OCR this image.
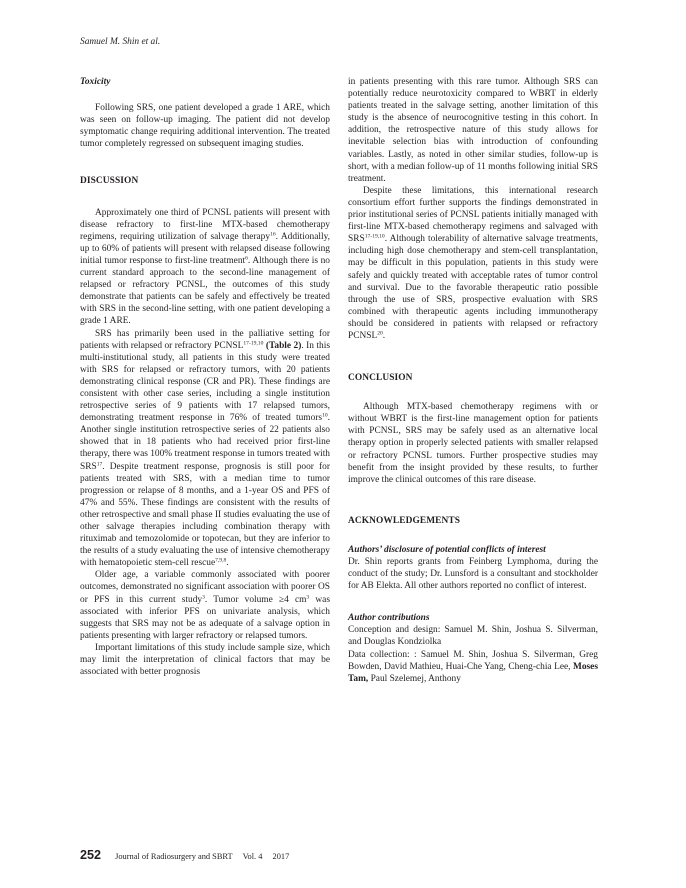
Samuel M. Shin et al.

Toxicity

Following SRS, one patient developed a grade 1 ARE, which was seen on follow-up imaging. The patient did not develop symptomatic change requiring additional intervention. The treated tumor completely regressed on subsequent imaging studies.

DISCUSSION

Approximately one third of PCNSL patients will present with disease refractory to first-line MTX-based chemotherapy regimens, requiring utilization of salvage therapy$^{16}$. Additionally, up to 60% of patients will present with relapsed disease following initial tumor response to first-line treatment$^6$. Although there is no current standard approach to the second-line management of relapsed or refractory PCNSL, the outcomes of this study demonstrate that patients can be safely and effectively be treated with SRS in the second-line setting, with one patient developing a grade 1 ARE.

SRS has primarily been used in the palliative setting for patients with relapsed or refractory PCNSL$^{17-19,10}$ (Table 2). In this multi-institutional study, all patients in this study were treated with SRS for relapsed or refractory tumors, with 20 patients demonstrating clinical response (CR and PR). These findings are consistent with other case series, including a single institution retrospective series of 9 patients with 17 relapsed tumors, demonstrating treatment response in 76% of treated tumors$^{10}$. Another single institution retrospective series of 22 patients also showed that in 18 patients who had received prior first-line therapy, there was 100% treatment response in tumors treated with SRS$^{17}$. Despite treatment response, prognosis is still poor for patients treated with SRS, with a median time to tumor progression or relapse of 8 months, and a 1-year OS and PFS of 47% and 55%. These findings are consistent with the results of other retrospective and small phase II studies evaluating the use of other salvage therapies including combination therapy with rituximab and temozolomide or topotecan, but they are inferior to the results of a study evaluating the use of intensive chemotherapy with hematopoietic stem-cell rescue$^{7,9,8}$.

Older age, a variable commonly associated with poorer outcomes, demonstrated no significant association with poorer OS or PFS in this current study$^3$. Tumor volume ≥4 $cm^3$ was associated with inferior PFS on univariate analysis, which suggests that SRS may not be as adequate of a salvage option in patients presenting with larger refractory or relapsed tumors.

Important limitations of this study include sample size, which may limit the interpretation of clinical factors that may be associated with better prognosis

in patients presenting with this rare tumor. Although SRS can potentially reduce neurotoxicity compared to WBRT in elderly patients treated in the salvage setting, another limitation of this study is the absence of neurocognitive testing in this cohort. In addition, the retrospective nature of this study allows for inevitable selection bias with introduction of confounding variables. Lastly, as noted in other similar studies, follow-up is short, with a median follow-up of 11 months following initial SRS treatment.

Despite these limitations, this international research consortium effort further supports the findings demonstrated in prior institutional series of PCNSL patients initially managed with first-line MTX-based chemotherapy regimens and salvaged with SRS$^{17-19,10}$. Although tolerability of alternative salvage treatments, including high dose chemotherapy and stem-cell transplantation, may be difficult in this population, patients in this study were safely and quickly treated with acceptable rates of tumor control and survival. Due to the favorable therapeutic ratio possible through the use of SRS, prospective evaluation with SRS combined with therapeutic agents including immunotherapy should be considered in patients with relapsed or refractory PCNSL$^{20}$.

CONCLUSION

Although MTX-based chemotherapy regimens with or without WBRT is the first-line management option for patients with PCNSL, SRS may be safely used as an alternative local therapy option in properly selected patients with smaller relapsed or refractory PCNSL tumors. Further prospective studies may benefit from the insight provided by these results, to further improve the clinical outcomes of this rare disease.

ACKNOWLEDGEMENTS

Authors’ disclosure of potential conflicts of interest

Dr. Shin reports grants from Feinberg Lymphoma, during the conduct of the study; Dr. Lunsford is a consultant and stockholder for AB Elekta. All other authors reported no conflict of interest.

Author contributions

Conception and design: Samuel M. Shin, Joshua S. Silverman, and Douglas Kondziolka

Data collection: : Samuel M. Shin, Joshua S. Silverman, Greg Bowden, David Mathieu, Huai-Che Yang, Cheng-chia Lee, Moses Tam, Paul Szelemej, Anthony

252 Journal of Radiosurgery and SBRT Vol. 4 2017
